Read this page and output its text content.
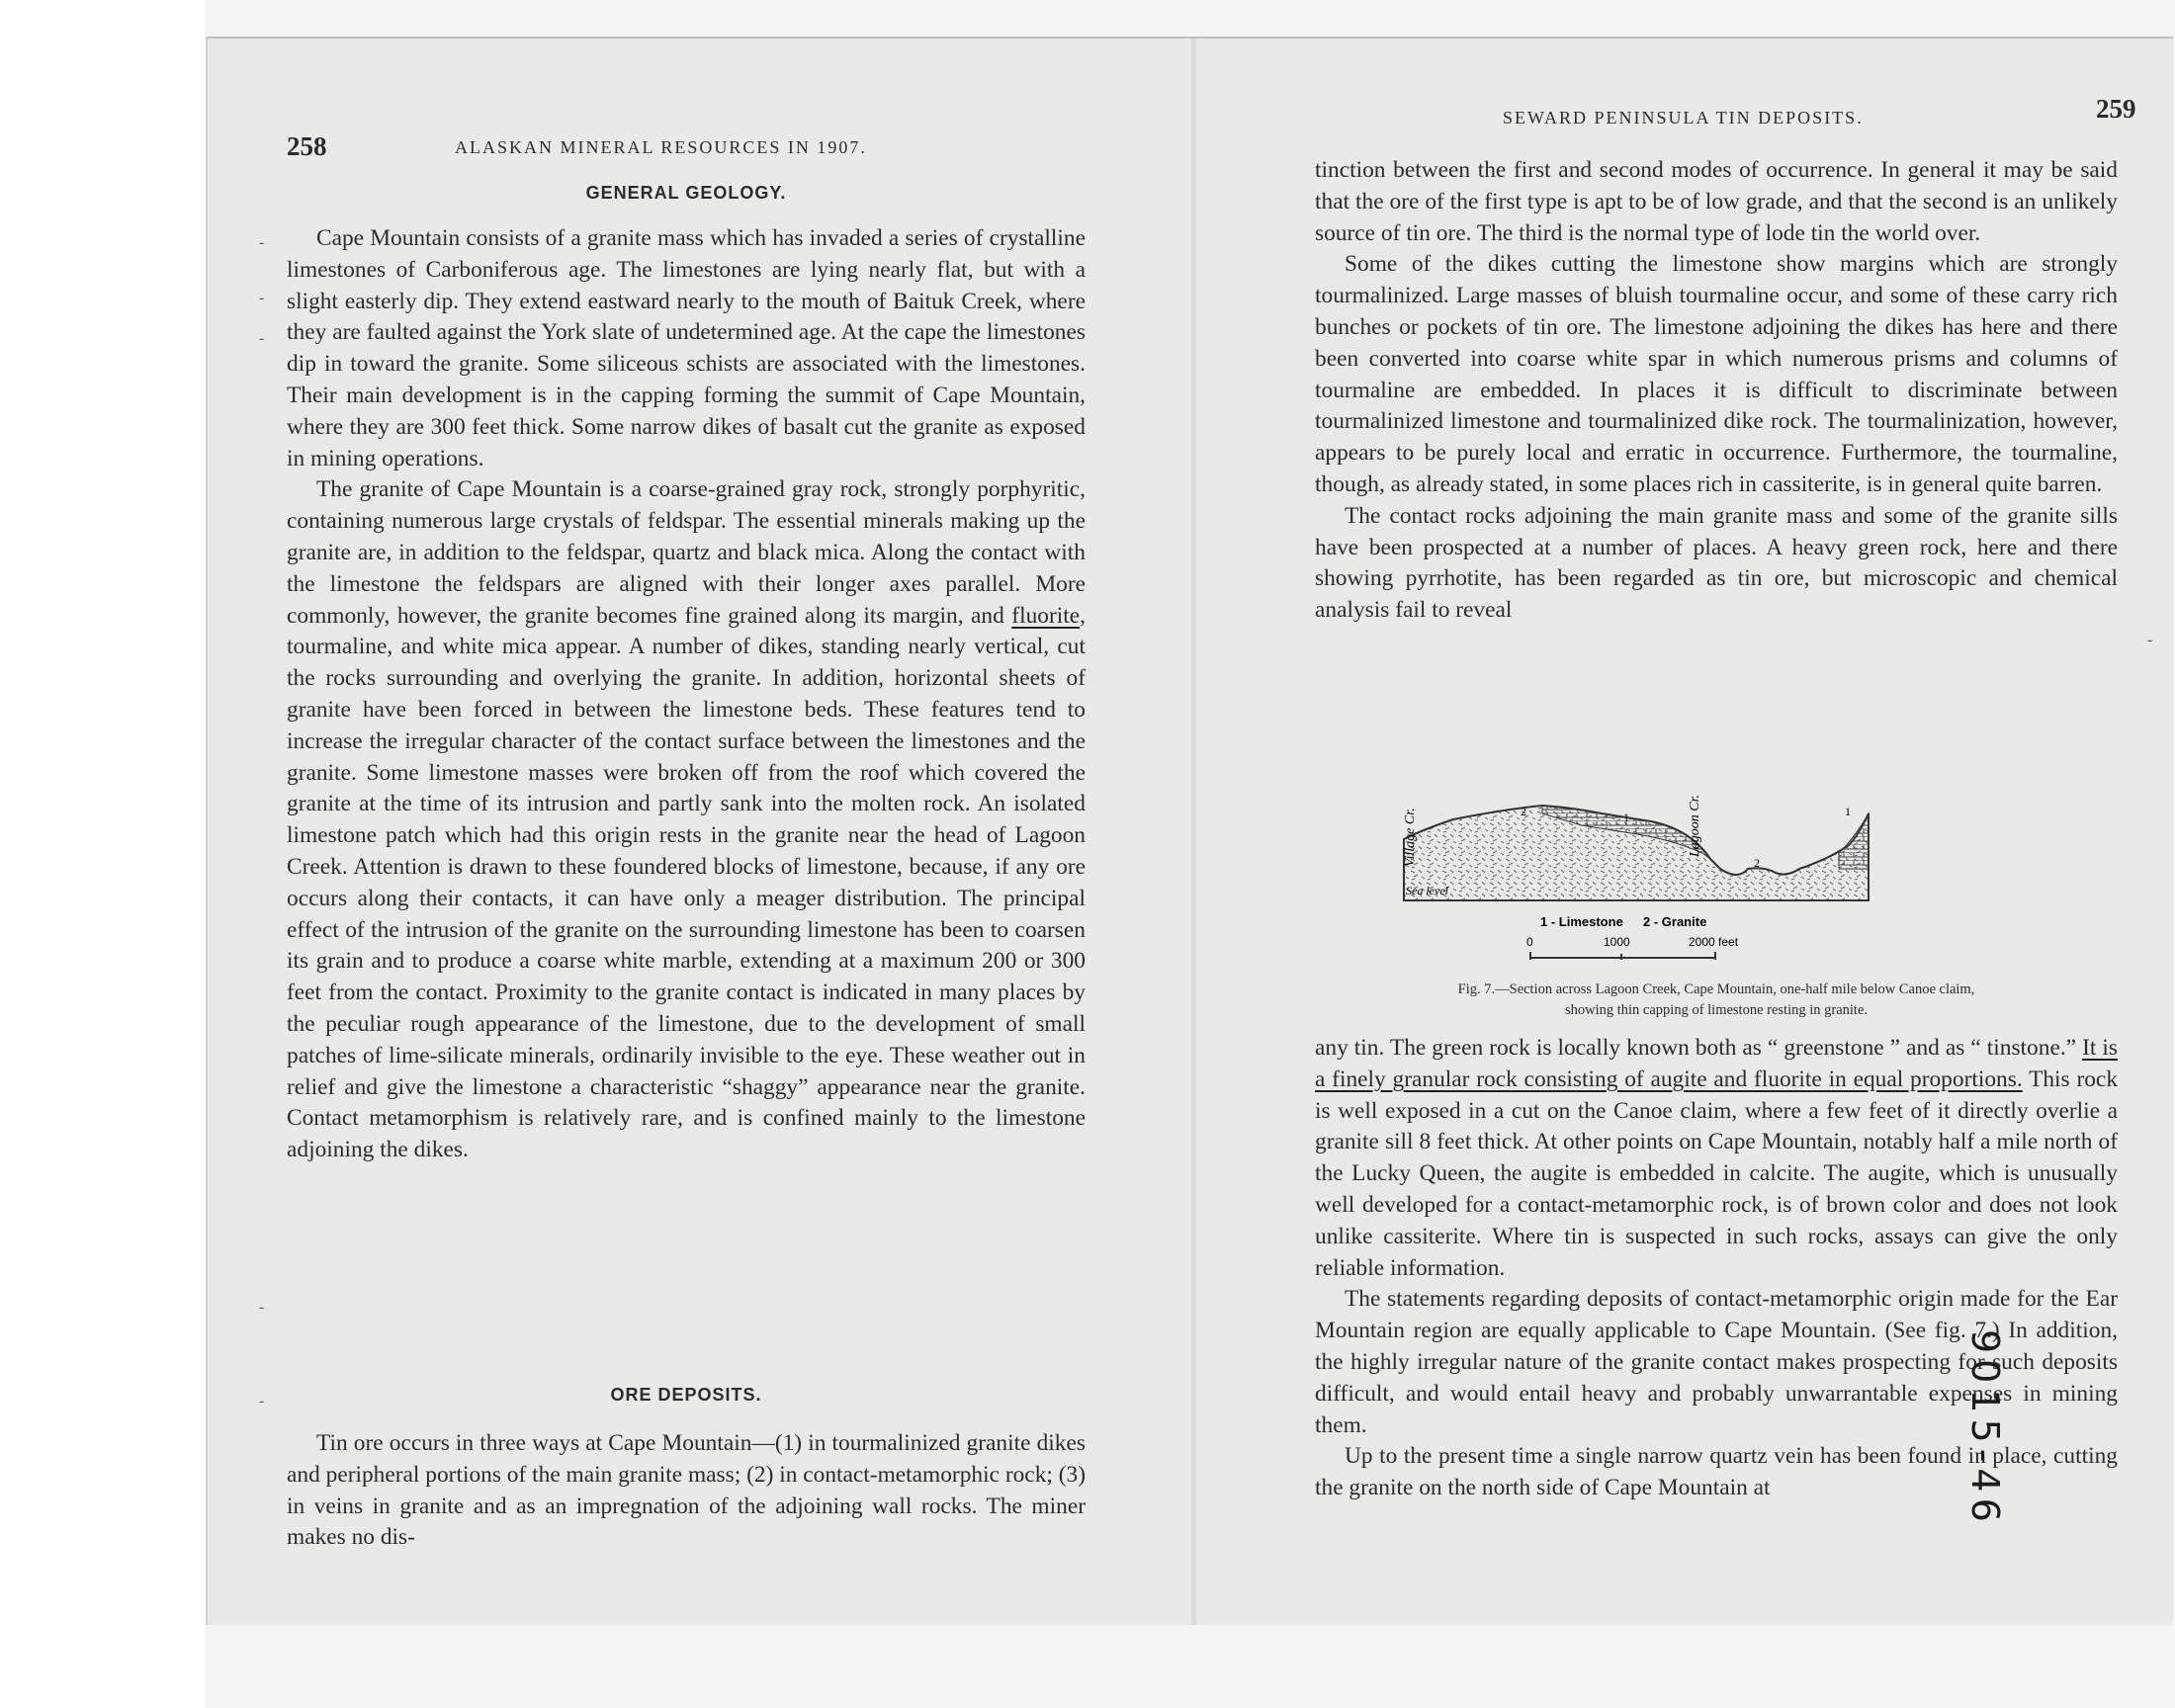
258	ALASKAN MINERAL RESOURCES IN 1907.
GENERAL GEOLOGY.

Cape Mountain consists of a granite mass which has invaded a series of crystalline limestones of Carboniferous age. The limestones are lying nearly flat, but with a slight easterly dip. They extend eastward nearly to the mouth of Baituk Creek, where they are faulted against the York slate of undetermined age. At the cape the limestones dip in toward the granite. Some siliceous schists are associated with the limestones. Their main development is in the capping forming the summit of Cape Mountain, where they are 300 feet thick. Some narrow dikes of basalt cut the granite as exposed in mining operations.

The granite of Cape Mountain is a coarse-grained gray rock, strongly porphyritic, containing numerous large crystals of feldspar. The essential minerals making up the granite are, in addition to the feldspar, quartz and black mica. Along the contact with the limestone the feldspars are aligned with their longer axes parallel. More commonly, however, the granite becomes fine grained along its margin, and fluorite, tourmaline, and white mica appear. A number of dikes, standing nearly vertical, cut the rocks surrounding and overlying the granite. In addition, horizontal sheets of granite have been forced in between the limestone beds. These features tend to increase the irregular character of the contact surface between the limestones and the granite. Some limestone masses were broken off from the roof which covered the granite at the time of its intrusion and partly sank into the molten rock. An isolated limestone patch which had this origin rests in the granite near the head of Lagoon Creek. Attention is drawn to these foundered blocks of limestone, because, if any ore occurs along their contacts, it can have only a meager distribution. The principal effect of the intrusion of the granite on the surrounding limestone has been to coarsen its grain and to produce a coarse white marble, extending at a maximum 200 or 300 feet from the contact. Proximity to the granite contact is indicated in many places by the peculiar rough appearance of the limestone, due to the development of small patches of lime-silicate minerals, ordinarily invisible to the eye. These weather out in relief and give the limestone a characteristic “shaggy” appearance near the granite. Contact metamorphism is relatively rare, and is confined mainly to the limestone adjoining the dikes.

ORE DEPOSITS.

Tin ore occurs in three ways at Cape Mountain—(1) in tourmalinized granite dikes and peripheral portions of the main granite mass; (2) in contact-metamorphic rock; (3) in veins in granite and as an impregnation of the adjoining wall rocks. The miner makes no dis-

-
-
-
-
-
SEWARD PENINSULA TIN DEPOSITS.	259

tinction between the first and second modes of occurrence. In general it may be said that the ore of the first type is apt to be of low grade, and that the second is an unlikely source of tin ore. The third is the normal type of lode tin the world over.

Some of the dikes cutting the limestone show margins which are strongly tourmalinized. Large masses of bluish tourmaline occur, and some of these carry rich bunches or pockets of tin ore. The limestone adjoining the dikes has here and there been converted into coarse white spar in which numerous prisms and columns of tourmaline are embedded. In places it is difficult to discriminate between tourmalinized limestone and tourmalinized dike rock. The tourmalinization, however, appears to be purely local and erratic in occurrence. Furthermore, the tourmaline, though, as already stated, in some places rich in cassiterite, is in general quite barren.

The contact rocks adjoining the main granite mass and some of the granite sills have been prospected at a number of places. A heavy green rock, here and there showing pyrrhotite, has been regarded as tin ore, but microscopic and chemical analysis fail to reveal

Village Cr.	Lagoon Cr.
Sea level
2	1
2
1
1 - Limestone 2 - Granite
0	1000	2000 feet
Fig. 7.—Section across Lagoon Creek, Cape Mountain, one-half mile below Canoe claim,
showing thin capping of limestone resting in granite.

any tin. The green rock is locally known both as “ greenstone ” and as “ tinstone.” It is a finely granular rock consisting of augite and fluorite in equal proportions. This rock is well exposed in a cut on the Canoe claim, where a few feet of it directly overlie a granite sill 8 feet thick. At other points on Cape Mountain, notably half a mile north of the Lucky Queen, the augite is embedded in calcite. The augite, which is unusually well developed for a contact-metamorphic rock, is of brown color and does not look unlike cassiterite. Where tin is suspected in such rocks, assays can give the only reliable information.

The statements regarding deposits of contact-metamorphic origin made for the Ear Mountain region are equally applicable to Cape Mountain. (See fig. 7.) In addition, the highly irregular nature of the granite contact makes prospecting for such deposits difficult, and would entail heavy and probably unwarrantable expenses in mining them.

Up to the present time a single narrow quartz vein has been found in place, cutting the granite on the north side of Cape Mountain at

-
9015-46
